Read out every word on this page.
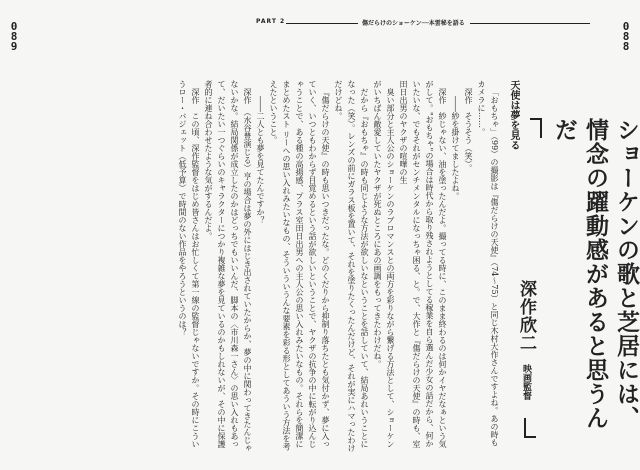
0
8
9
0
8
8
PART 2	傷だらけのショーケン──本雲秘を語る
天使は夢を見る

「おもちゃ」（99）の撮影は『傷だらけの天使』（74～75）と同じ木村大作さんですよね。あの時もカメラに……。

深作　そうそう（笑）。

　――紗を掛けてましたよね。

深作　紗じゃない、油を塗ったんだよ。撮ってる時に、このまま終わるのは何かイヤだなぁという気がして。"おもちゃ"の場合は時代から取り残されようとしてる稼業を自ら選んだ少女の話だから、何かいたいな、でもそれがセンチメンタルになっちゃ困る、と。で、大作と『傷だらけの天使』の時も、室田日出男のヤクザの喧嘩の生

臭い部分と主人公のショーケンのラブロマンスとの両方を彩りながら繋げる方法として、ショーケンがいちばん敵愛していたヤクザが死ぬところにあの画調をもってきたわけだね。

だから『おもちゃ』の時も同じような方法が欲しいなということを話していて、結局あれいうことになった（笑）。レンズの前にガラス板を置いて、それを塗りたくったんだけど、それが実にハマったわけだけどね。

『傷だらけの天使』の時も思いつきだったな。どのくだりから抑制り落ちたとも気付かず、夢に入っていく、いつともわからず目覚めるという話が欲しいということで、ヤクザの抗争の中に転がり込んじゃうことで、ある種の高揚感、プラス室田日出男への主人公の思い入れみたいなもの。それらを簡潔にまとめたスト リーへの思い入れみたいなもの、そういういうんな要素を彩る形としてあういう方法を考えたということ。

　――二人とも夢を見てたんですか？

深作　（水谷豊演じる）亨の場合は夢の外にはじき出されていたからか、夢の中に関わってきたんじゃないかな。結局関係が成立したのかはどっちでもいいんだ、脚本の〈市川森一さん〉の思い入れもあって、だいたい一つぐらいのキャラクターにつかり複雑な夢を見ているのかもしれないが、その中に保護者的に連ね合わせたような気がするんだよ。

深作　この頃、深作監督をはじめ皆さんはお忙しくて第一線の監督じゃないですか。その時にこういうロー・バジェット（低予算）で時間のない作品をやろうというのは？	ショーケンの歌と芝居には、
情念の躍動感があると思うんだ
深作欣二 映画監督
